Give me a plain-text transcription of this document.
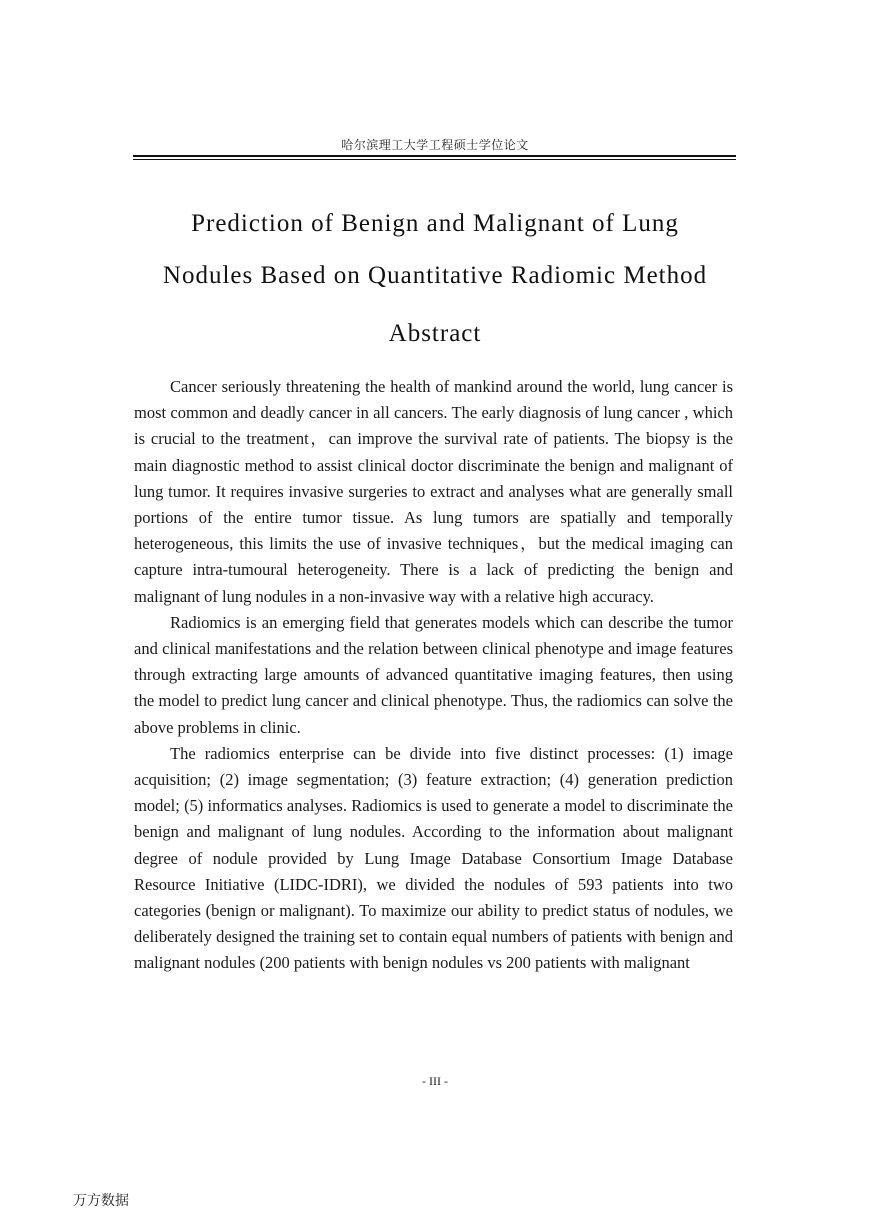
哈尔滨理工大学工程硕士学位论文
Prediction of Benign and Malignant of Lung
Nodules Based on Quantitative Radiomic Method
Abstract

Cancer seriously threatening the health of mankind around the world, lung cancer is most common and deadly cancer in all cancers. The early diagnosis of lung cancer , which is crucial to the treatment，can improve the survival rate of patients. The biopsy is the main diagnostic method to assist clinical doctor discriminate the benign and malignant of lung tumor. It requires invasive surgeries to extract and analyses what are generally small portions of the entire tumor tissue. As lung tumors are spatially and temporally heterogeneous, this limits the use of invasive techniques，but the medical imaging can capture intra-tumoural heterogeneity. There is a lack of predicting the benign and malignant of lung nodules in a non-invasive way with a relative high accuracy.

Radiomics is an emerging field that generates models which can describe the tumor and clinical manifestations and the relation between clinical phenotype and image features through extracting large amounts of advanced quantitative imaging features, then using the model to predict lung cancer and clinical phenotype. Thus, the radiomics can solve the above problems in clinic.

The radiomics enterprise can be divide into five distinct processes: (1) image acquisition; (2) image segmentation; (3) feature extraction; (4) generation prediction model; (5) informatics analyses. Radiomics is used to generate a model to discriminate the benign and malignant of lung nodules. According to the information about malignant degree of nodule provided by Lung Image Database Consortium Image Database Resource Initiative (LIDC-IDRI), we divided the nodules of 593 patients into two categories (benign or malignant). To maximize our ability to predict status of nodules, we deliberately designed the training set to contain equal numbers of patients with benign and malignant nodules (200 patients with benign nodules vs 200 patients with malignant

- III -
万方数据
